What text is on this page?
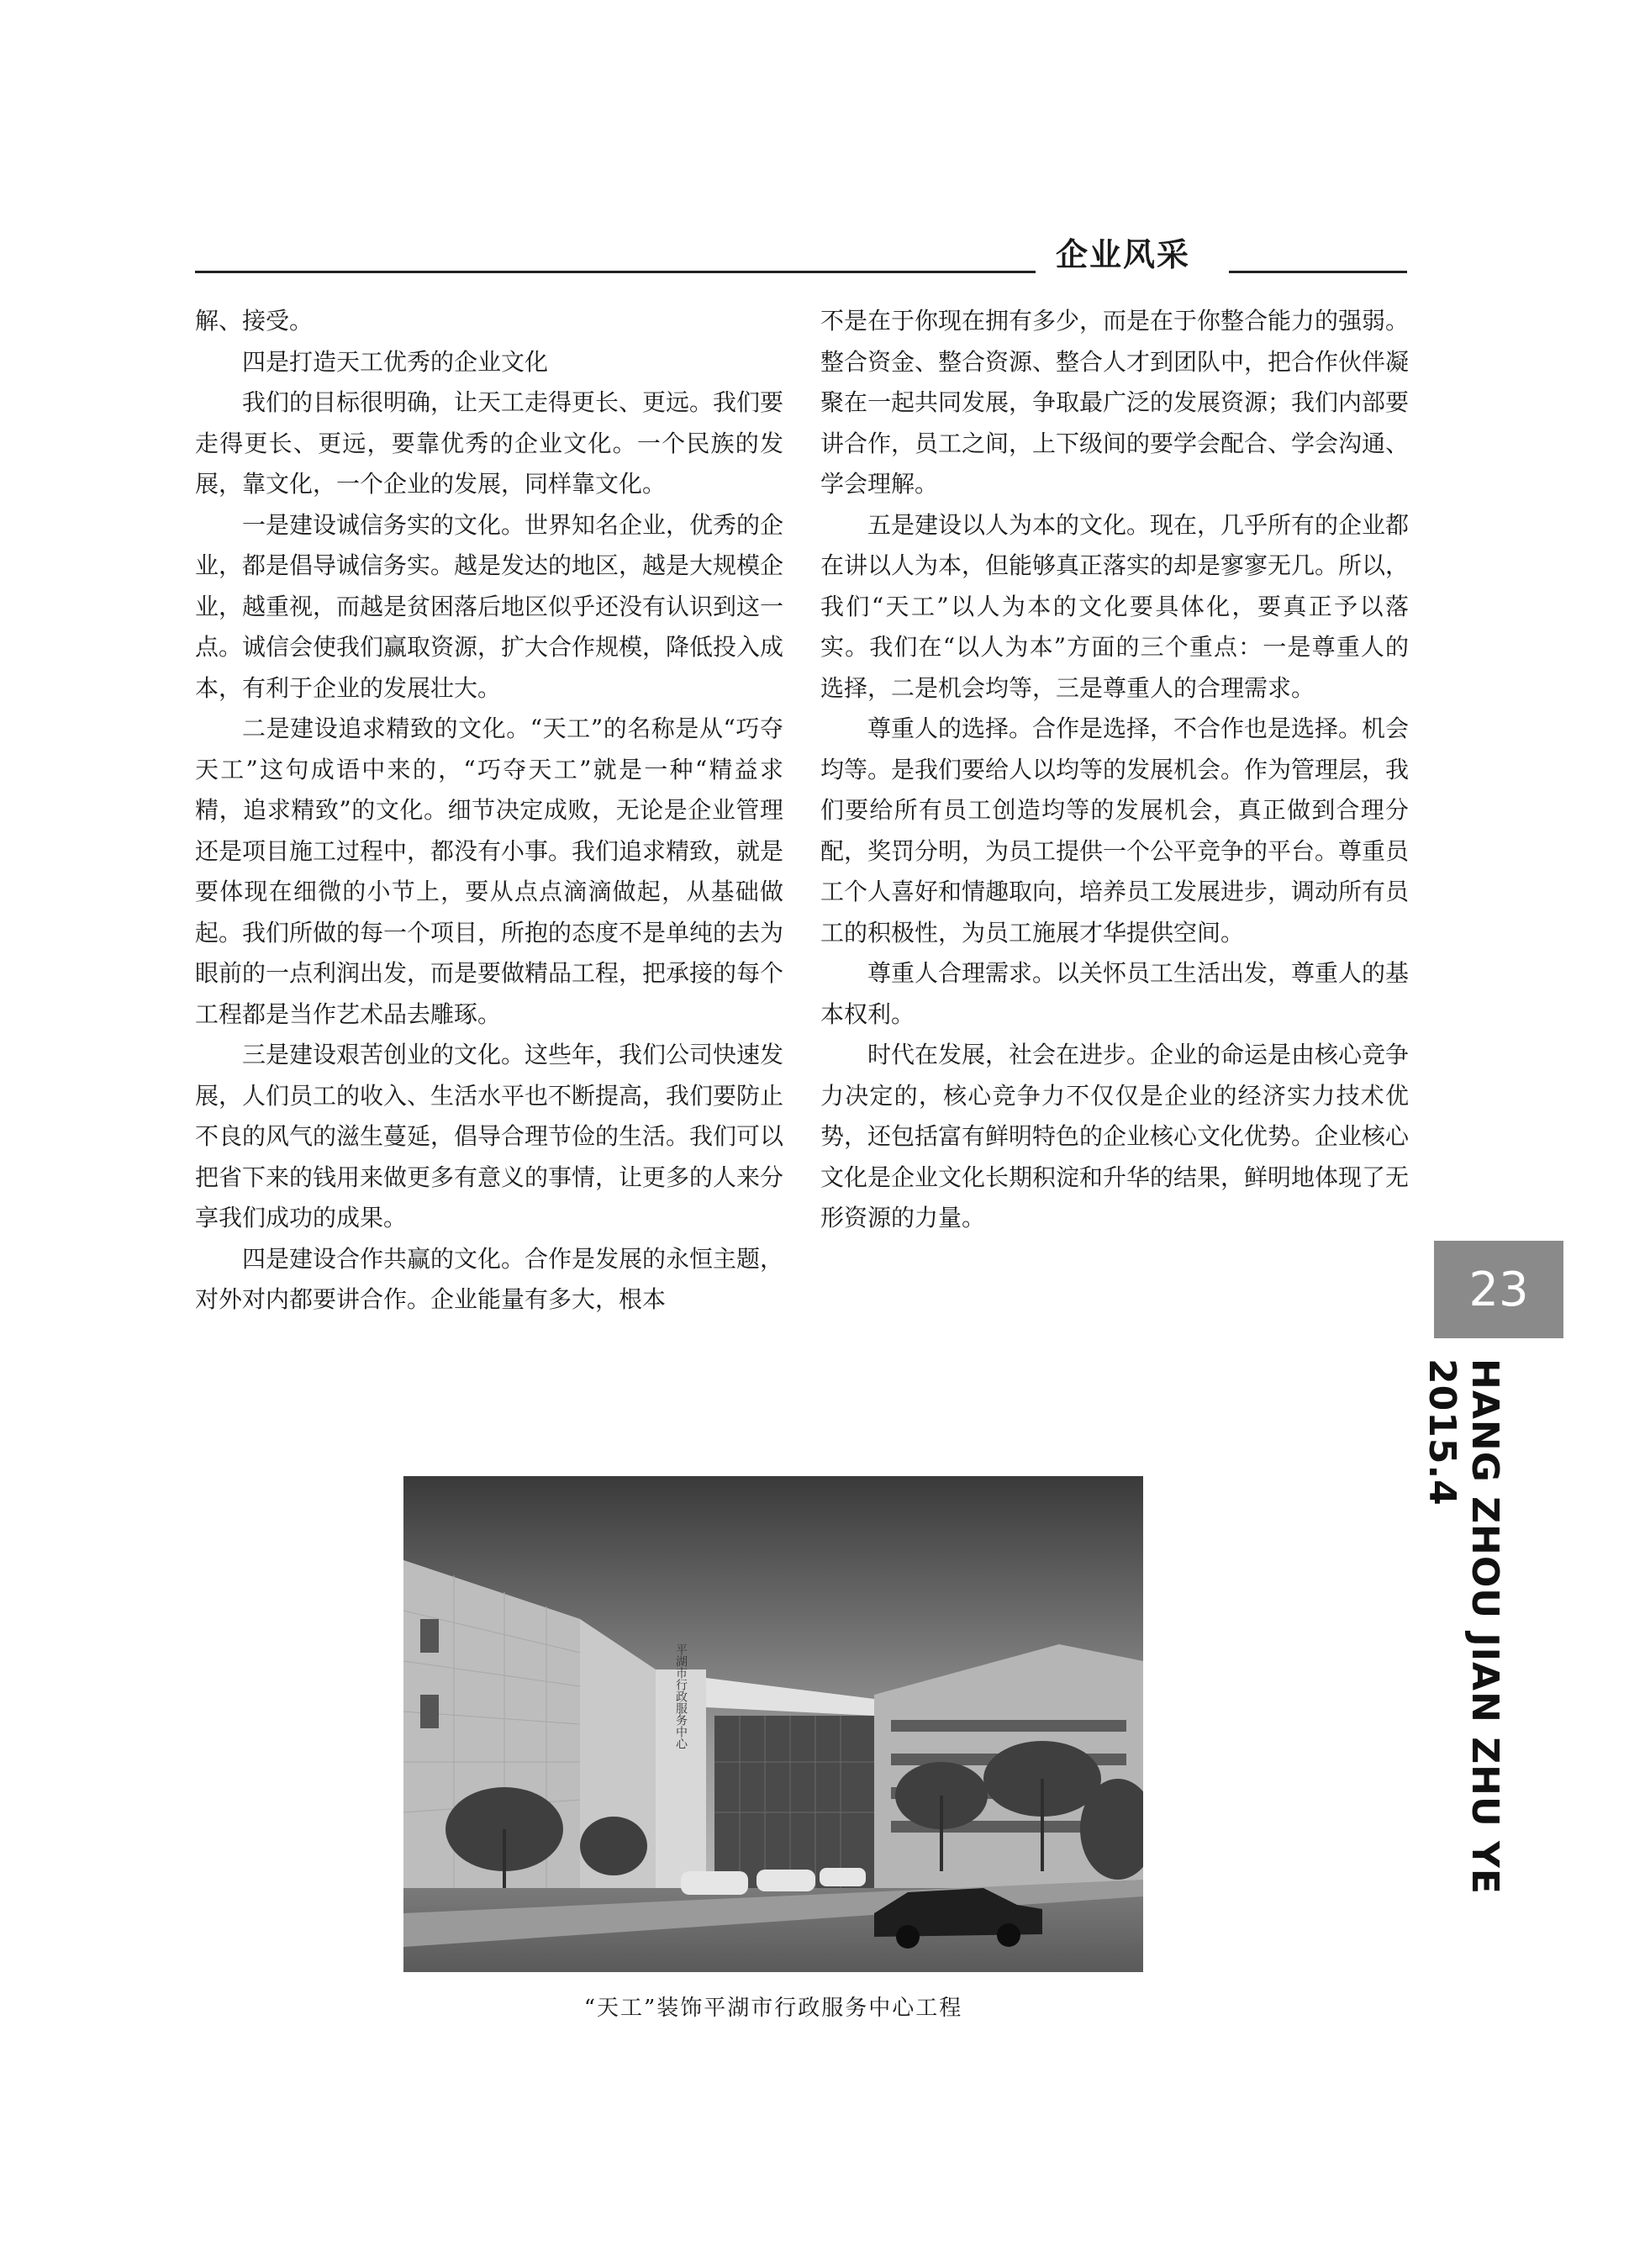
企业风采

解、接受。

四是打造天工优秀的企业文化

我们的目标很明确，让天工走得更长、更远。我们要走得更长、更远，要靠优秀的企业文化。一个民族的发展，靠文化，一个企业的发展，同样靠文化。

一是建设诚信务实的文化。世界知名企业，优秀的企业，都是倡导诚信务实。越是发达的地区，越是大规模企业，越重视，而越是贫困落后地区似乎还没有认识到这一点。诚信会使我们赢取资源，扩大合作规模，降低投入成本，有利于企业的发展壮大。

二是建设追求精致的文化。“天工”的名称是从“巧夺天工”这句成语中来的，“巧夺天工”就是一种“精益求精，追求精致”的文化。细节决定成败，无论是企业管理还是项目施工过程中，都没有小事。我们追求精致，就是要体现在细微的小节上，要从点点滴滴做起，从基础做起。我们所做的每一个项目，所抱的态度不是单纯的去为眼前的一点利润出发，而是要做精品工程，把承接的每个工程都是当作艺术品去雕琢。

三是建设艰苦创业的文化。这些年，我们公司快速发展，人们员工的收入、生活水平也不断提高，我们要防止不良的风气的滋生蔓延，倡导合理节俭的生活。我们可以把省下来的钱用来做更多有意义的事情，让更多的人来分享我们成功的成果。

四是建设合作共赢的文化。合作是发展的永恒主题，对外对内都要讲合作。企业能量有多大，根本

不是在于你现在拥有多少，而是在于你整合能力的强弱。整合资金、整合资源、整合人才到团队中，把合作伙伴凝聚在一起共同发展，争取最广泛的发展资源；我们内部要讲合作，员工之间，上下级间的要学会配合、学会沟通、学会理解。

五是建设以人为本的文化。现在，几乎所有的企业都在讲以人为本，但能够真正落实的却是寥寥无几。所以，我们“天工”以人为本的文化要具体化，要真正予以落实。我们在“以人为本”方面的三个重点：一是尊重人的选择，二是机会均等，三是尊重人的合理需求。

尊重人的选择。合作是选择，不合作也是选择。机会均等。是我们要给人以均等的发展机会。作为管理层，我们要给所有员工创造均等的发展机会，真正做到合理分配，奖罚分明，为员工提供一个公平竞争的平台。尊重员工个人喜好和情趣取向，培养员工发展进步，调动所有员工的积极性，为员工施展才华提供空间。

尊重人合理需求。以关怀员工生活出发，尊重人的基本权利。

时代在发展，社会在进步。企业的命运是由核心竞争力决定的，核心竞争力不仅仅是企业的经济实力技术优势，还包括富有鲜明特色的企业核心文化优势。企业核心文化是企业文化长期积淀和升华的结果，鲜明地体现了无形资源的力量。

23
HANG ZHOU JIAN ZHU YE 2015.4
平湖市行政服务中心
“天工”装饰平湖市行政服务中心工程
